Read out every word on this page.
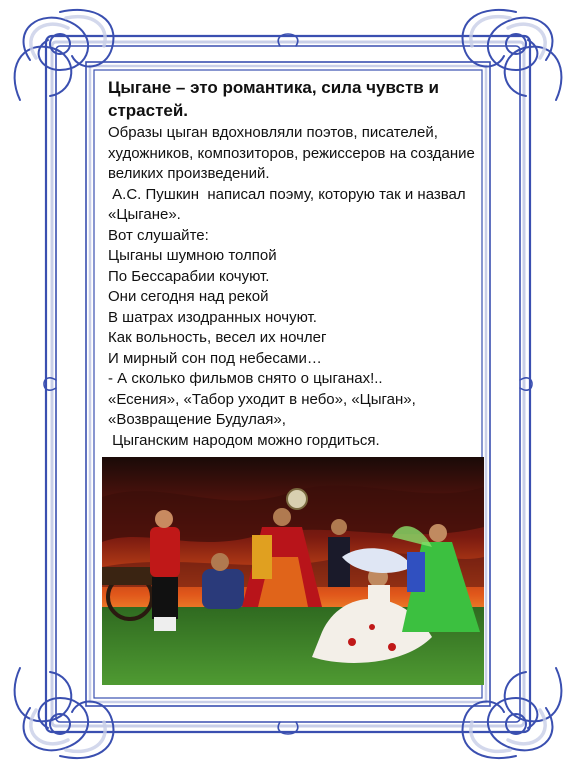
Цыгане – это романтика, сила чувств и
страстей.
Образы цыган вдохновляли поэтов, писателей,
художников, композиторов, режиссеров на создание
великих произведений.
А.С. Пушкин  написал поэму, которую так и назвал
«Цыгане».
Вот слушайте:
Цыганы шумною толпой
По Бессарабии кочуют.
Они сегодня над рекой
В шатрах изодранных ночуют.
Как вольность, весел их ночлег
И мирный сон под небесами…
- А сколько фильмов снято о цыганах!..
«Есения», «Табор уходит в небо», «Цыган»,
«Возвращение Будулая»,
Цыганским народом можно гордиться.
